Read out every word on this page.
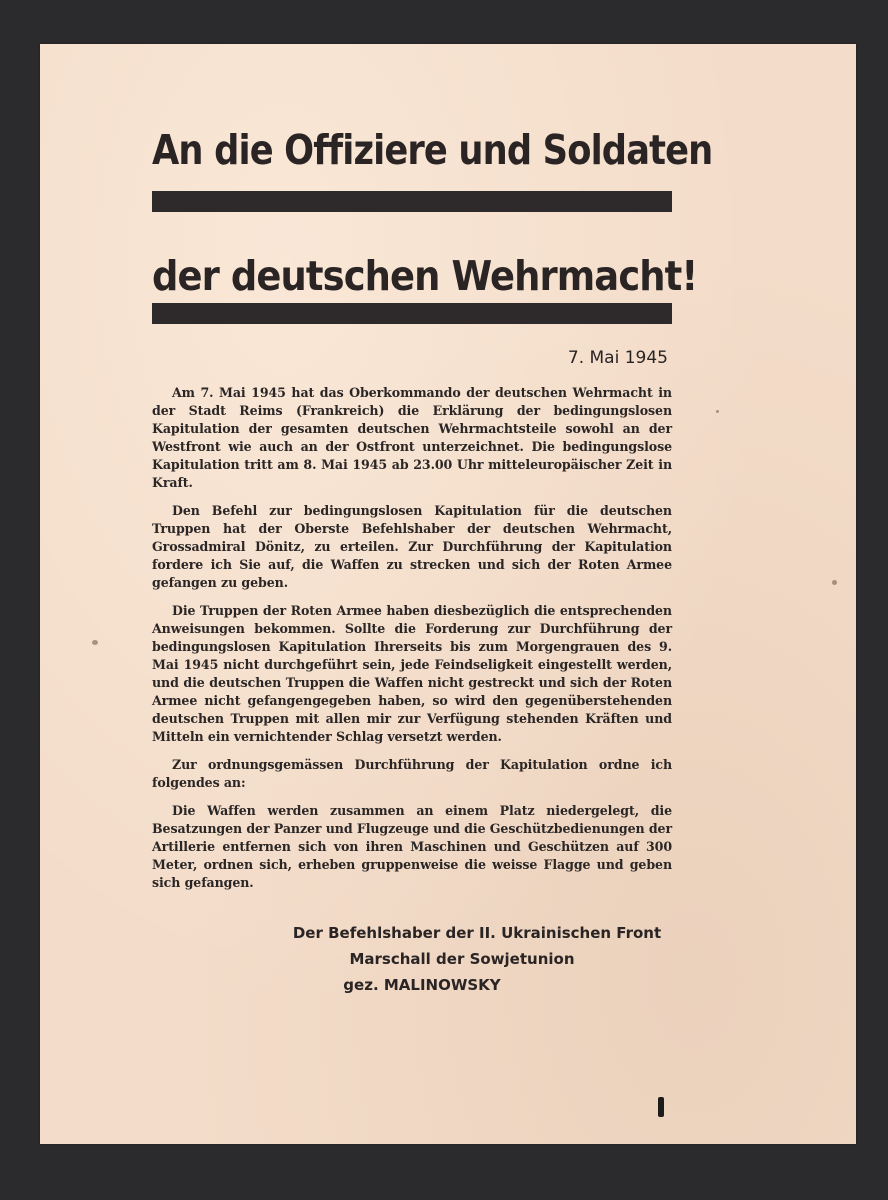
An die Offiziere und Soldaten
der deutschen Wehrmacht!

7. Mai 1945

Am 7. Mai 1945 hat das Oberkommando der deutschen Wehrmacht in der Stadt Reims (Frankreich) die Erklärung der bedingungslosen Kapitulation der gesamten deutschen Wehrmachtsteile sowohl an der Westfront wie auch an der Ostfront unterzeichnet. Die bedingungslose Kapitulation tritt am 8. Mai 1945 ab 23.00 Uhr mitteleuropäischer Zeit in Kraft.

Den Befehl zur bedingungslosen Kapitulation für die deutschen Truppen hat der Oberste Befehlshaber der deutschen Wehrmacht, Grossadmiral Dönitz, zu erteilen. Zur Durchführung der Kapitulation fordere ich Sie auf, die Waffen zu strecken und sich der Roten Armee gefangen zu geben.

Die Truppen der Roten Armee haben diesbezüglich die entsprechenden Anweisungen bekommen. Sollte die Forderung zur Durchführung der bedingungslosen Kapitulation Ihrerseits bis zum Morgengrauen des 9. Mai 1945 nicht durchgeführt sein, jede Feindseligkeit eingestellt werden, und die deutschen Truppen die Waffen nicht gestreckt und sich der Roten Armee nicht gefangengegeben haben, so wird den gegenüberstehenden deutschen Truppen mit allen mir zur Verfügung stehenden Kräften und Mitteln ein vernichtender Schlag versetzt werden.

Zur ordnungsgemässen Durchführung der Kapitulation ordne ich folgendes an:

Die Waffen werden zusammen an einem Platz niedergelegt, die Besatzungen der Panzer und Flugzeuge und die Geschützbedienungen der Artillerie entfernen sich von ihren Maschinen und Geschützen auf 300 Meter, ordnen sich, erheben gruppenweise die weisse Flagge und geben sich gefangen.

Der Befehlshaber der II. Ukrainischen Front

Marschall der Sowjetunion

gez. MALINOWSKY
